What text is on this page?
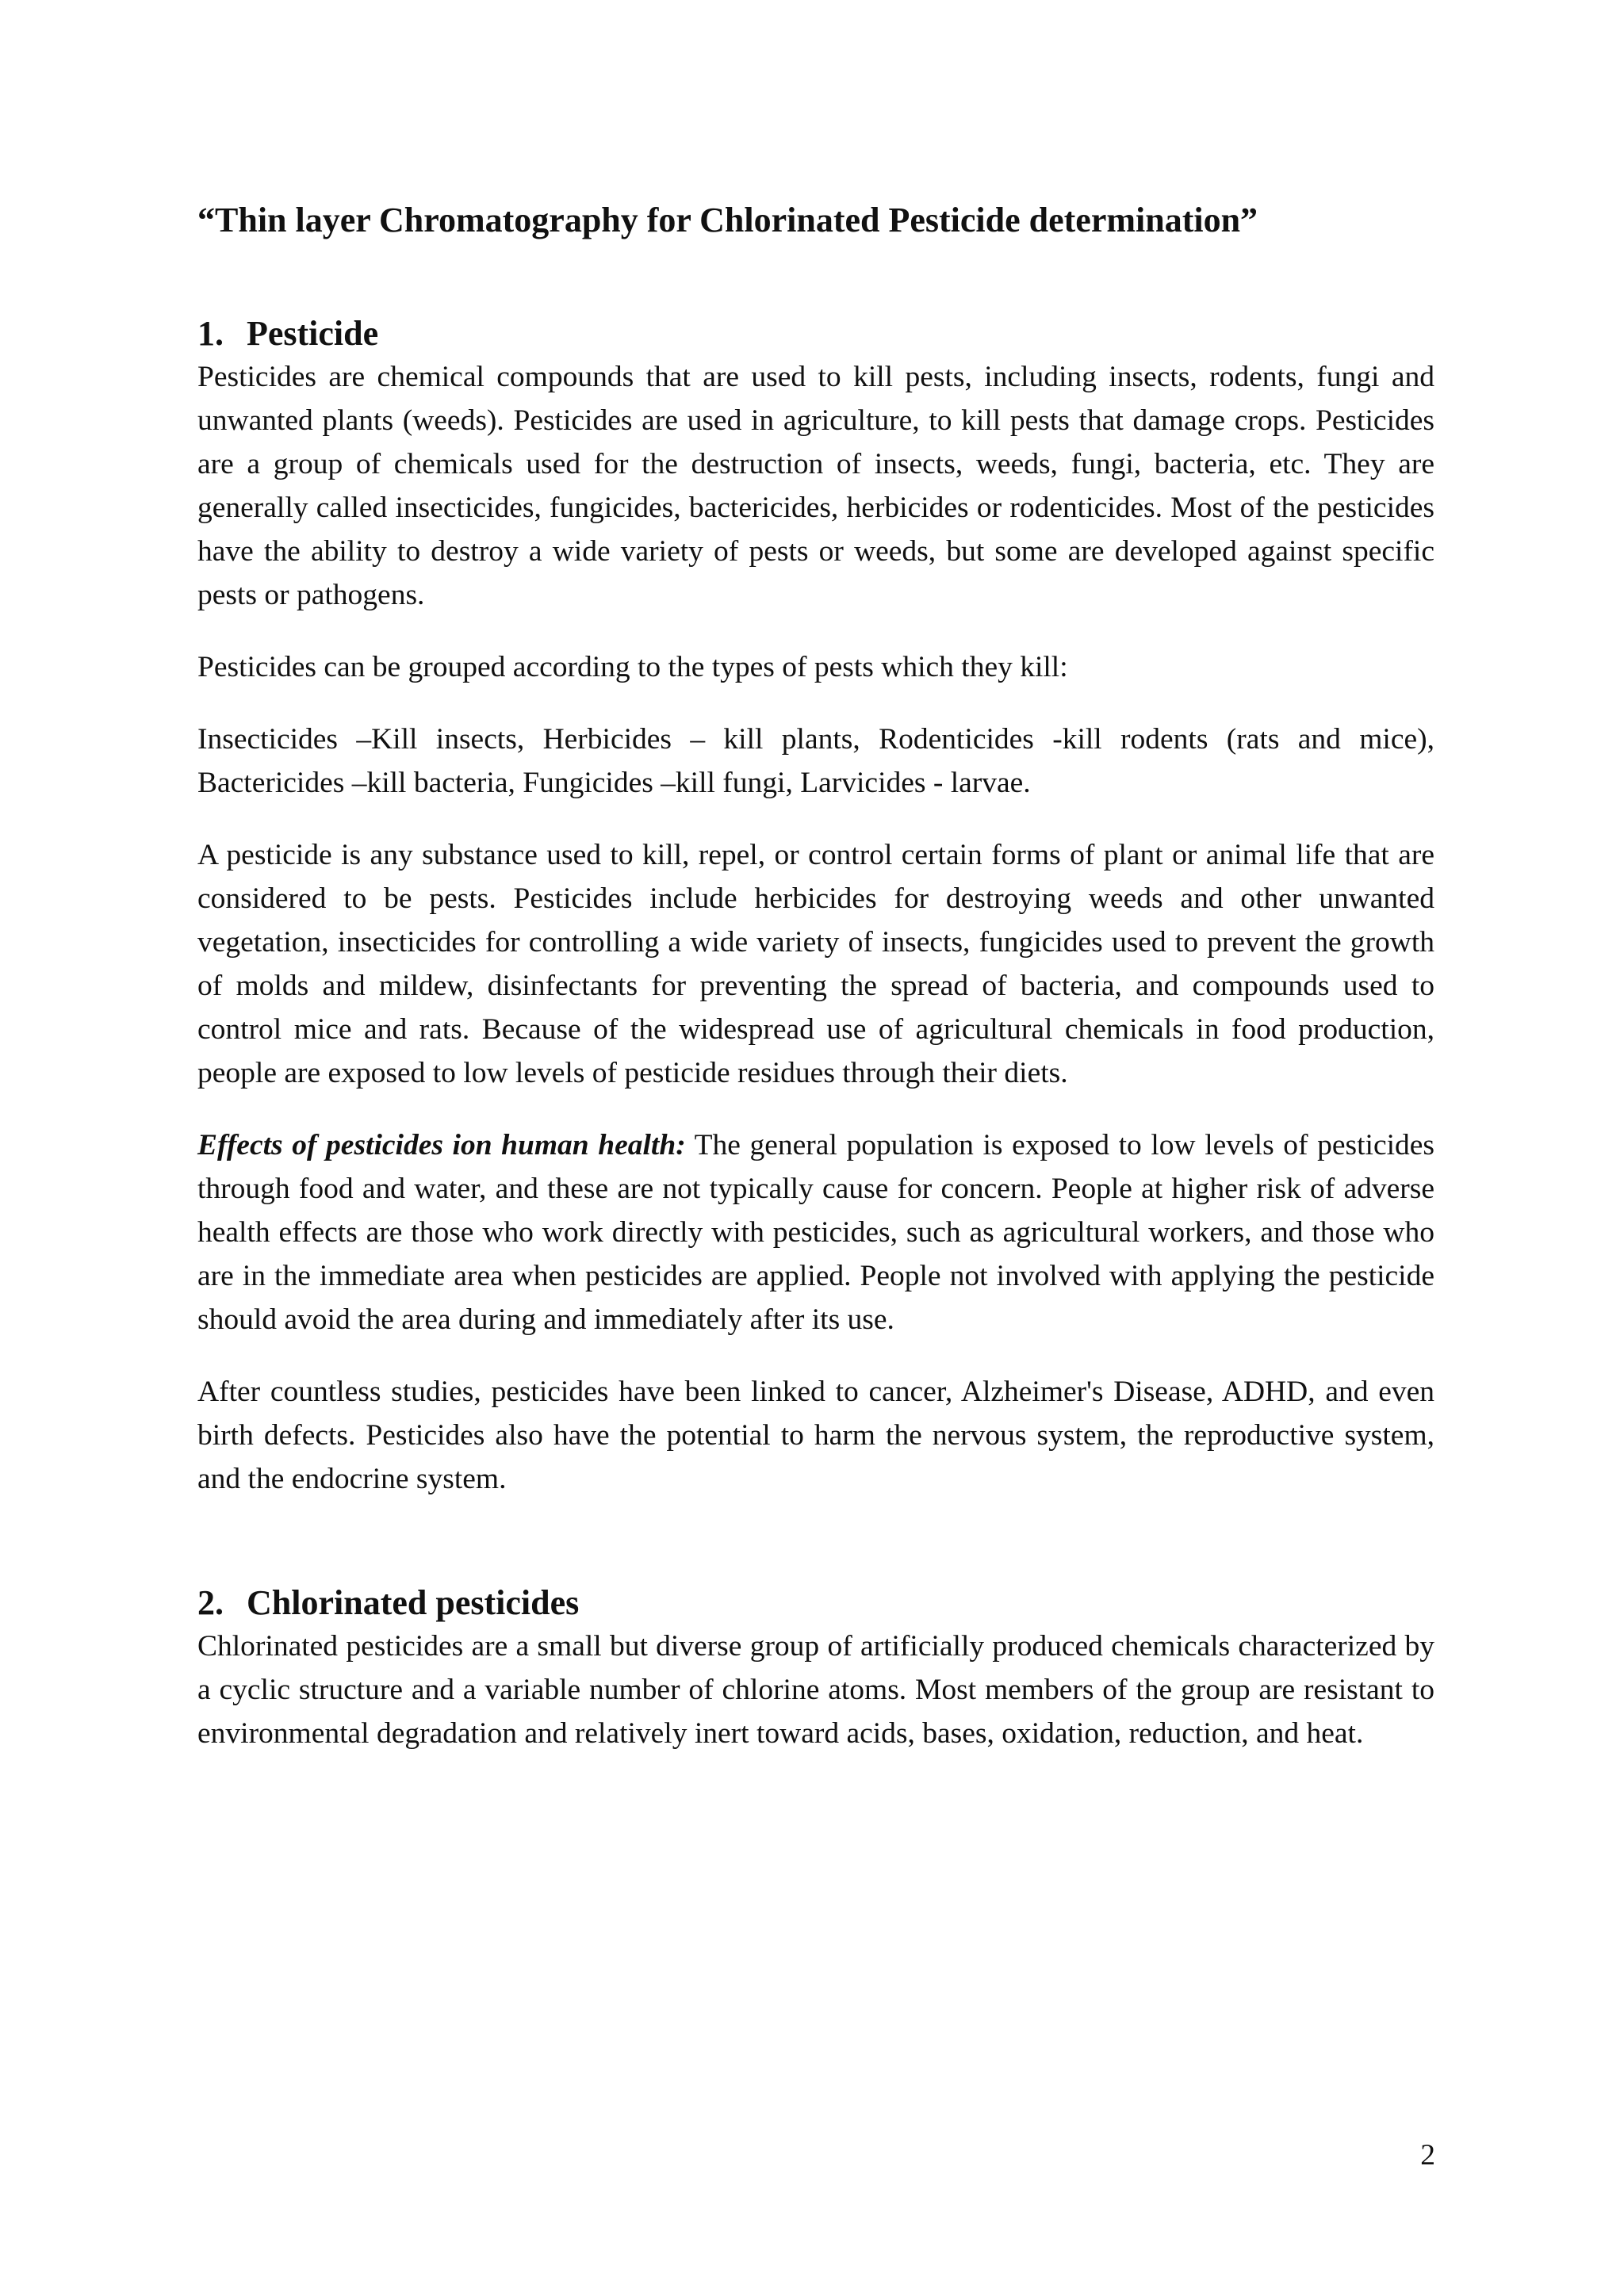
“Thin layer Chromatography for Chlorinated Pesticide determination”
1. Pesticide

Pesticides are chemical compounds that are used to kill pests, including insects, rodents, fungi and unwanted plants (weeds). Pesticides are used in agriculture, to kill pests that damage crops. Pesticides are a group of chemicals used for the destruction of insects, weeds, fungi, bacteria, etc. They are generally called insecticides, fungicides, bactericides, herbicides or rodenticides. Most of the pesticides have the ability to destroy a wide variety of pests or weeds, but some are developed against specific pests or pathogens.

Pesticides can be grouped according to the types of pests which they kill:

Insecticides –Kill insects, Herbicides – kill plants, Rodenticides -kill rodents (rats and mice), Bactericides –kill bacteria, Fungicides –kill fungi, Larvicides - larvae.

A pesticide is any substance used to kill, repel, or control certain forms of plant or animal life that are considered to be pests. Pesticides include herbicides for destroying weeds and other unwanted vegetation, insecticides for controlling a wide variety of insects, fungicides used to prevent the growth of molds and mildew, disinfectants for preventing the spread of bacteria, and compounds used to control mice and rats. Because of the widespread use of agricultural chemicals in food production, people are exposed to low levels of pesticide residues through their diets.

Effects of pesticides ion human health: The general population is exposed to low levels of pesticides through food and water, and these are not typically cause for concern. People at higher risk of adverse health effects are those who work directly with pesticides, such as agricultural workers, and those who are in the immediate area when pesticides are applied. People not involved with applying the pesticide should avoid the area during and immediately after its use.

After countless studies, pesticides have been linked to cancer, Alzheimer's Disease, ADHD, and even birth defects. Pesticides also have the potential to harm the nervous system, the reproductive system, and the endocrine system.

2. Chlorinated pesticides

Chlorinated pesticides are a small but diverse group of artificially produced chemicals characterized by a cyclic structure and a variable number of chlorine atoms. Most members of the group are resistant to environmental degradation and relatively inert toward acids, bases, oxidation, reduction, and heat.

2
